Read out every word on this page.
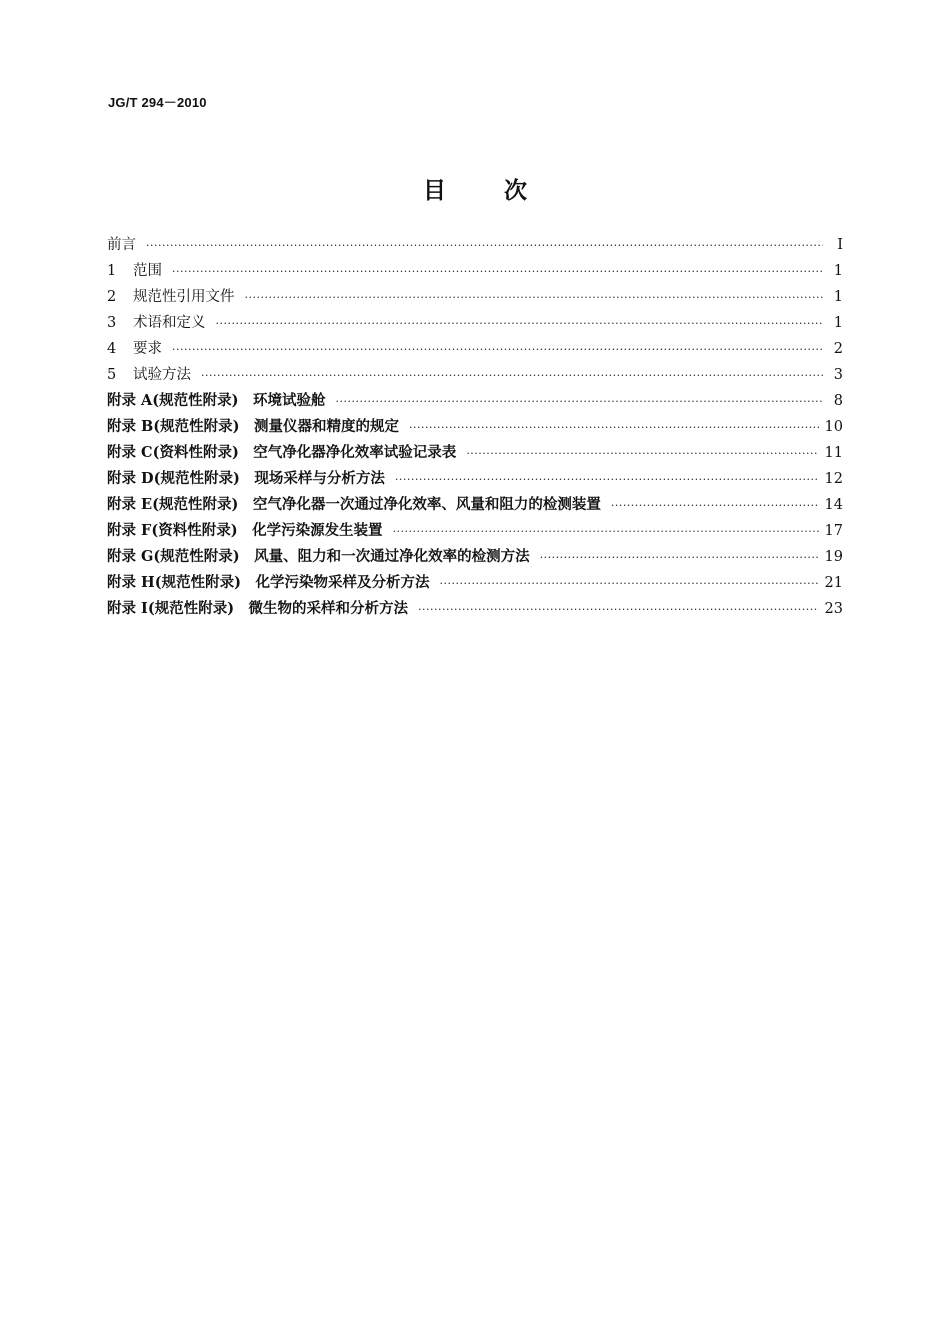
JG/T 294－2010
目次
前言 ·····	Ⅰ
1 范围 ·····	1
2 规范性引用文件 ·····	1
3 术语和定义 ·····	1
4 要求 ·····	2
5 试验方法 ·····	3
附录 A(规范性附录)　环境试验舱 ·····	8
附录 B(规范性附录)　测量仪器和精度的规定 ·····	10
附录 C(资料性附录)　空气净化器净化效率试验记录表 ·····	11
附录 D(规范性附录)　现场采样与分析方法 ·····	12
附录 E(规范性附录)　空气净化器一次通过净化效率、风量和阻力的检测装置 ·····	14
附录 F(资料性附录)　化学污染源发生装置 ·····	17
附录 G(规范性附录)　风量、阻力和一次通过净化效率的检测方法 ·····	19
附录 H(规范性附录)　化学污染物采样及分析方法 ·····	21
附录 I(规范性附录)　微生物的采样和分析方法 ·····	23
